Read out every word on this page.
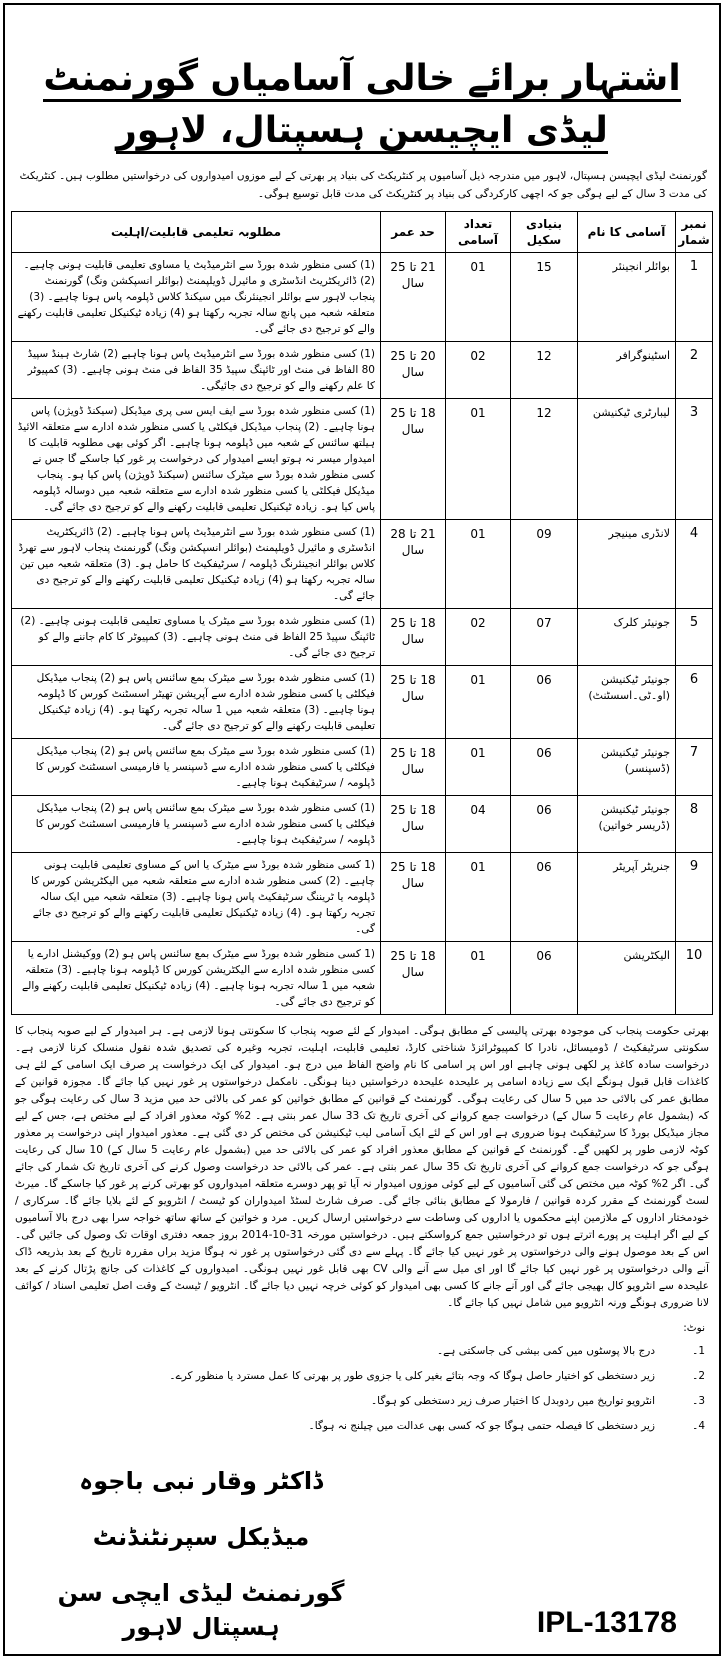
اشتہار برائے خالی آسامیاں گورنمنٹ لیڈی ایچیسن ہسپتال، لاہور
گورنمنٹ لیڈی ایچیسن ہسپتال، لاہور میں مندرجہ ذیل آسامیوں پر کنٹریکٹ کی بنیاد پر بھرتی کے لیے موزوں امیدواروں کی درخواستیں مطلوب ہیں۔ کنٹریکٹ کی مدت 3 سال کے لیے ہوگی جو کہ اچھی کارکردگی کی بنیاد پر کنٹریکٹ کی مدت قابل توسیع ہوگی۔
نمبر شمار	آسامی کا نام	بنیادی سکیل	تعداد آسامی	حد عمر	مطلوبہ تعلیمی قابلیت/اہلیت
1	بوائلر انجینئر	15	01	21 تا 25 سال	(1) کسی منظور شدہ بورڈ سے انٹرمیڈیٹ یا مساوی تعلیمی قابلیت ہونی چاہیے۔ (2) ڈائریکٹریٹ انڈسٹری و مائیرل ڈویلپمنٹ (بوائلر انسپکشن ونگ) گورنمنٹ پنجاب لاہور سے بوائلر انجینئرنگ میں سیکنڈ کلاس ڈپلومہ پاس ہونا چاہیے۔ (3) متعلقہ شعبہ میں پانچ سالہ تجربہ رکھتا ہو (4) زیادہ ٹیکنیکل تعلیمی قابلیت رکھنے والے کو ترجیح دی جائے گی۔
2	اسٹینوگرافر	12	02	20 تا 25 سال	(1) کسی منظور شدہ بورڈ سے انٹرمیڈیٹ پاس ہونا چاہیے (2) شارٹ ہینڈ سپیڈ 80 الفاظ فی منٹ اور ٹائپنگ سپیڈ 35 الفاظ فی منٹ ہونی چاہیے۔ (3) کمپیوٹر کا علم رکھنے والے کو ترجیح دی جائیگی۔
3	لیبارٹری ٹیکنیشن	12	01	18 تا 25 سال	(1) کسی منظور شدہ بورڈ سے ایف ایس سی پری میڈیکل (سیکنڈ ڈویژن) پاس ہونا چاہیے۔ (2) پنجاب میڈیکل فیکلٹی یا کسی منظور شدہ ادارے سے متعلقہ الائیڈ ہیلتھ سائنس کے شعبہ میں ڈپلومہ ہونا چاہیے۔ اگر کوئی بھی مطلوبہ قابلیت کا امیدوار میسر نہ ہوتو ایسے امیدوار کی درخواست پر غور کیا جاسکے گا جس نے کسی منظور شدہ بورڈ سے میٹرک سائنس (سیکنڈ ڈویژن) پاس کیا ہو۔ پنجاب میڈیکل فیکلٹی یا کسی منظور شدہ ادارے سے متعلقہ شعبہ میں دوسالہ ڈپلومہ پاس کیا ہو۔ زیادہ ٹیکنیکل تعلیمی قابلیت رکھنے والے کو ترجیح دی جائے گی۔
4	لانڈری مینیجر	09	01	21 تا 28 سال	(1) کسی منظور شدہ بورڈ سے انٹرمیڈیٹ پاس ہونا چاہیے۔ (2) ڈائریکٹریٹ انڈسٹری و مائیرل ڈویلپمنٹ (بوائلر انسپکشن ونگ) گورنمنٹ پنجاب لاہور سے تھرڈ کلاس بوائلر انجینئرنگ ڈپلومہ / سرٹیفکیٹ کا حامل ہو۔ (3) متعلقہ شعبہ میں تین سالہ تجربہ رکھتا ہو (4) زیادہ ٹیکنیکل تعلیمی قابلیت رکھنے والے کو ترجیح دی جائے گی۔
5	جونیئر کلرک	07	02	18 تا 25 سال	(1) کسی منظور شدہ بورڈ سے میٹرک یا مساوی تعلیمی قابلیت ہونی چاہیے۔ (2) ٹائپنگ سپیڈ 25 الفاظ فی منٹ ہونی چاہیے۔ (3) کمپیوٹر کا کام جاننے والے کو ترجیح دی جائے گی۔
6	جونیئر ٹیکنیشن (او۔ٹی۔اسسٹنٹ)	06	01	18 تا 25 سال	(1) کسی منظور شدہ بورڈ سے میٹرک بمع سائنس پاس ہو (2) پنجاب میڈیکل فیکلٹی یا کسی منظور شدہ ادارے سے آپریشن تھیٹر اسسٹنٹ کورس کا ڈپلومہ ہونا چاہیے۔ (3) متعلقہ شعبہ میں 1 سالہ تجربہ رکھتا ہو۔ (4) زیادہ ٹیکنیکل تعلیمی قابلیت رکھنے والے کو ترجیح دی جائے گی۔
7	جونیئر ٹیکنیشن (ڈسپنسر)	06	01	18 تا 25 سال	(1) کسی منظور شدہ بورڈ سے میٹرک بمع سائنس پاس ہو (2) پنجاب میڈیکل فیکلٹی یا کسی منظور شدہ ادارے سے ڈسپنسر یا فارمیسی اسسٹنٹ کورس کا ڈپلومہ / سرٹیفکیٹ ہونا چاہیے۔
8	جونیئر ٹیکنیشن (ڈریسر خواتین)	06	04	18 تا 25 سال	(1) کسی منظور شدہ بورڈ سے میٹرک بمع سائنس پاس ہو (2) پنجاب میڈیکل فیکلٹی یا کسی منظور شدہ ادارے سے ڈسپنسر یا فارمیسی اسسٹنٹ کورس کا ڈپلومہ / سرٹیفکیٹ ہونا چاہیے۔
9	جنریٹر آپریٹر	06	01	18 تا 25 سال	(1 کسی منظور شدہ بورڈ سے میٹرک یا اس کے مساوی تعلیمی قابلیت ہونی چاہیے۔ (2) کسی منظور شدہ ادارے سے متعلقہ شعبہ میں الیکٹریشن کورس کا ڈپلومہ یا ٹریننگ سرٹیفکیٹ پاس ہونا چاہیے۔ (3) متعلقہ شعبہ میں ایک سالہ تجربہ رکھتا ہو۔ (4) زیادہ ٹیکنیکل تعلیمی قابلیت رکھنے والے کو ترجیح دی جائے گی۔
10	الیکٹریشن	06	01	18 تا 25 سال	(1 کسی منظور شدہ بورڈ سے میٹرک بمع سائنس پاس ہو (2) ووکیشنل ادارے یا کسی منظور شدہ ادارے سے الیکٹریشن کورس کا ڈپلومہ ہونا چاہیے۔ (3) متعلقہ شعبہ میں 1 سالہ تجربہ ہونا چاہیے۔ (4) زیادہ ٹیکنیکل تعلیمی قابلیت رکھنے والے کو ترجیح دی جائے گی۔
بھرتی حکومت پنجاب کی موجودہ بھرتی پالیسی کے مطابق ہوگی۔ امیدوار کے لئے صوبہ پنجاب کا سکونتی ہونا لازمی ہے۔ ہر امیدوار کے لیے صوبہ پنجاب کا سکونتی سرٹیفکیٹ / ڈومیسائل، نادرا کا کمپیوٹرائزڈ شناختی کارڈ، تعلیمی قابلیت، اہلیت، تجربہ وغیرہ کی تصدیق شدہ نقول منسلک کرنا لازمی ہے۔ درخواست سادہ کاغذ پر لکھی ہونی چاہیے اور اس پر اسامی کا نام واضح الفاظ میں درج ہو۔ امیدوار کی ایک درخواست پر صرف ایک اسامی کے لئے ہی کاغذات قابل قبول ہونگے ایک سے زیادہ اسامی پر علیحدہ علیحدہ درخواستیں دینا ہونگی۔ نامکمل درخواستوں پر غور نہیں کیا جائے گا۔ مجوزہ قوانین کے مطابق عمر کی بالائی حد میں 5 سال کی رعایت ہوگی۔ گورنمنٹ کے قوانین کے مطابق خواتین کو عمر کی بالائی حد میں مزید 3 سال کی رعایت ہوگی جو کہ (بشمول عام رعایت 5 سال کے) درخواست جمع کروانے کی آخری تاریخ تک 33 سال عمر بنتی ہے۔ 2% کوٹہ معذور افراد کے لیے مختص ہے، جس کے لیے مجاز میڈیکل بورڈ کا سرٹیفکیٹ ہونا ضروری ہے اور اس کے لئے ایک آسامی لیب ٹیکنیشن کی مختص کر دی گئی ہے۔ معذور امیدوار اپنی درخواست پر معذور کوٹہ لازمی طور پر لکھیں گے۔ گورنمنٹ کے قوانین کے مطابق معذور افراد کو عمر کی بالائی حد میں (بشمول عام رعایت 5 سال کے) 10 سال کی رعایت ہوگی جو کہ درخواست جمع کروانے کی آخری تاریخ تک 35 سال عمر بنتی ہے۔ عمر کی بالائی حد درخواست وصول کرنے کی آخری تاریخ تک شمار کی جائے گی۔ اگر 2% کوٹہ میں مختص کی گئی آسامیوں کے لیے کوئی موزوں امیدوار نہ آیا تو پھر دوسرے متعلقہ امیدواروں کو بھرتی کرنے پر غور کیا جاسکے گا۔ میرٹ لسٹ گورنمنٹ کے مقرر کردہ قوانین / فارمولا کے مطابق بنائی جائے گی۔ صرف شارٹ لسٹڈ امیدواران کو ٹیسٹ / انٹرویو کے لئے بلایا جائے گا۔ سرکاری / خودمختار اداروں کے ملازمین اپنے محکموں یا اداروں کی وساطت سے درخواستیں ارسال کریں۔ مرد و خواتین کے ساتھ ساتھ خواجہ سرا بھی درج بالا آسامیوں کے لیے اگر اہلیت پر پورے اترتے ہوں تو درخواستیں جمع کرواسکتے ہیں۔ درخواستیں مورخہ 31-10-2014 بروز جمعہ دفتری اوقات تک وصول کی جائیں گی۔ اس کے بعد موصول ہونے والی درخواستوں پر غور نہیں کیا جائے گا۔ پہلے سے دی گئی درخواستوں پر غور نہ ہوگا مزید براں مقررہ تاریخ کے بعد بذریعہ ڈاک آنے والی درخواستوں پر غور نہیں کیا جائے گا اور ای میل سے آنے والی CV بھی قابل غور نہیں ہونگی۔ امیدواروں کے کاغذات کی جانچ پڑتال کرنے کے بعد علیحدہ سے انٹرویو کال بھیجی جائے گی اور آنے جانے کا کسی بھی امیدوار کو کوئی خرچہ نہیں دیا جائے گا۔ انٹرویو / ٹیسٹ کے وقت اصل تعلیمی اسناد / کوائف لانا ضروری ہونگے ورنہ انٹرویو میں شامل نہیں کیا جائے گا۔
نوٹ:
1۔
درج بالا پوسٹوں میں کمی بیشی کی جاسکتی ہے۔
2۔
زیر دستخطی کو اختیار حاصل ہوگا کہ وجہ بتائے بغیر کلی یا جزوی طور پر بھرتی کا عمل مسترد یا منظور کرے۔
3۔
انٹرویو تواریخ میں ردوبدل کا اختیار صرف زیر دستخطی کو ہوگا۔
4۔
زیر دستخطی کا فیصلہ حتمی ہوگا جو کہ کسی بھی عدالت میں چیلنج نہ ہوگا۔
ڈاکٹر وقار نبی باجوہ
میڈیکل سپرنٹنڈنٹ
گورنمنٹ لیڈی ایچی سن ہسپتال لاہور	IPL-13178
